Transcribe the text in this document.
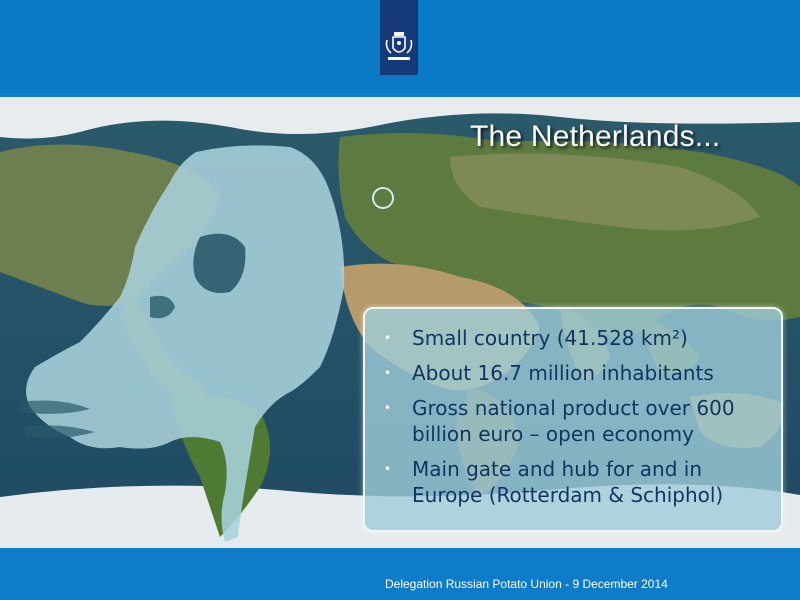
The Netherlands...
• Small country (41.528 km²)
• About 16.7 million inhabitants
• Gross national product over 600 billion euro – open economy
• Main gate and hub for and in Europe (Rotterdam & Schiphol)
Delegation Russian Potato Union - 9 December 2014
